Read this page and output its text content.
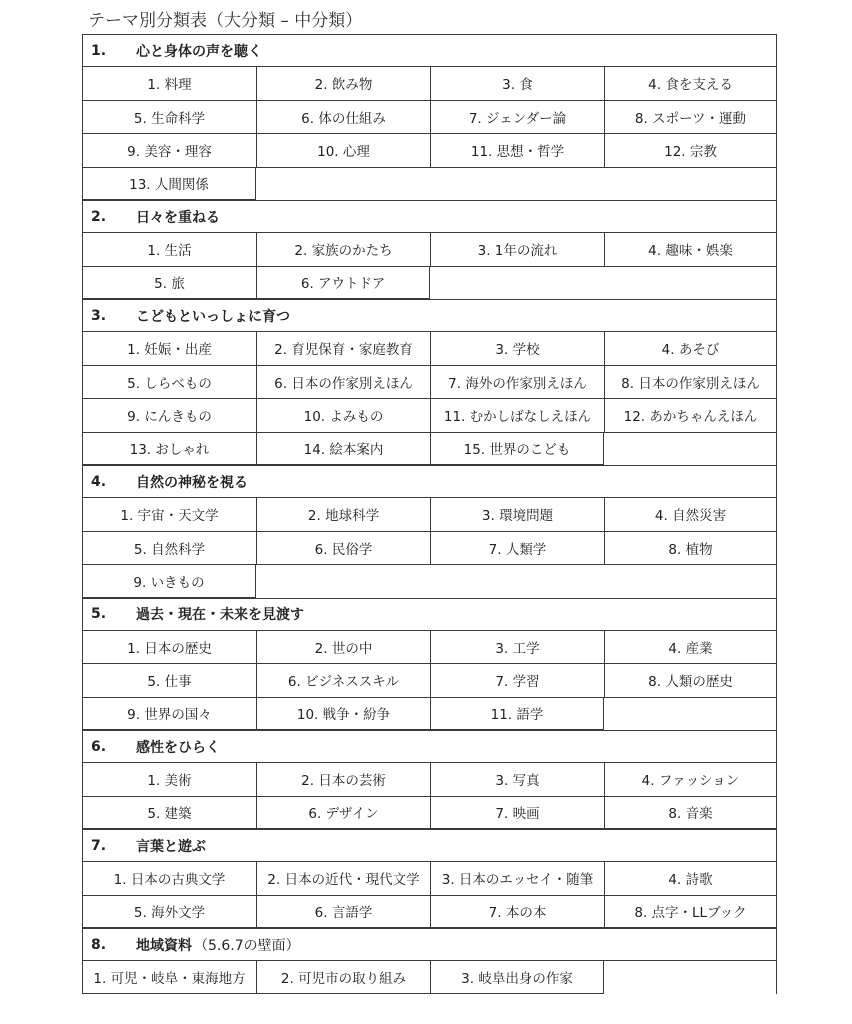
テーマ別分類表（大分類 – 中分類）
1.	心と身体の声を聴く
1. 料理	2. 飲み物	3. 食	4. 食を支える
5. 生命科学	6. 体の仕組み	7. ジェンダー論	8. スポーツ・運動
9. 美容・理容	10. 心理	11. 思想・哲学	12. 宗教
13. 人間関係
2.	日々を重ねる
1. 生活	2. 家族のかたち	3. 1年の流れ	4. 趣味・娯楽
5. 旅	6. アウトドア
3.	こどもといっしょに育つ
1. 妊娠・出産	2. 育児保育・家庭教育	3. 学校	4. あそび
5. しらべもの	6. 日本の作家別えほん	7. 海外の作家別えほん	8. 日本の作家別えほん
9. にんきもの	10. よみもの	11. むかしばなしえほん	12. あかちゃんえほん
13. おしゃれ	14. 絵本案内	15. 世界のこども
4.	自然の神秘を視る
1. 宇宙・天文学	2. 地球科学	3. 環境問題	4. 自然災害
5. 自然科学	6. 民俗学	7. 人類学	8. 植物
9. いきもの
5.	過去・現在・未来を見渡す
1. 日本の歴史	2. 世の中	3. 工学	4. 産業
5. 仕事	6. ビジネススキル	7. 学習	8. 人類の歴史
9. 世界の国々	10. 戦争・紛争	11. 語学
6.	感性をひらく
1. 美術	2. 日本の芸術	3. 写真	4. ファッション
5. 建築	6. デザイン	7. 映画	8. 音楽
7.	言葉と遊ぶ
1. 日本の古典文学	2. 日本の近代・現代文学	3. 日本のエッセイ・随筆	4. 詩歌
5. 海外文学	6. 言語学	7. 本の本	8. 点字・LLブック
8.	地域資料 （5.6.7の壁面）
1. 可児・岐阜・東海地方	2. 可児市の取り組み	3. 岐阜出身の作家
